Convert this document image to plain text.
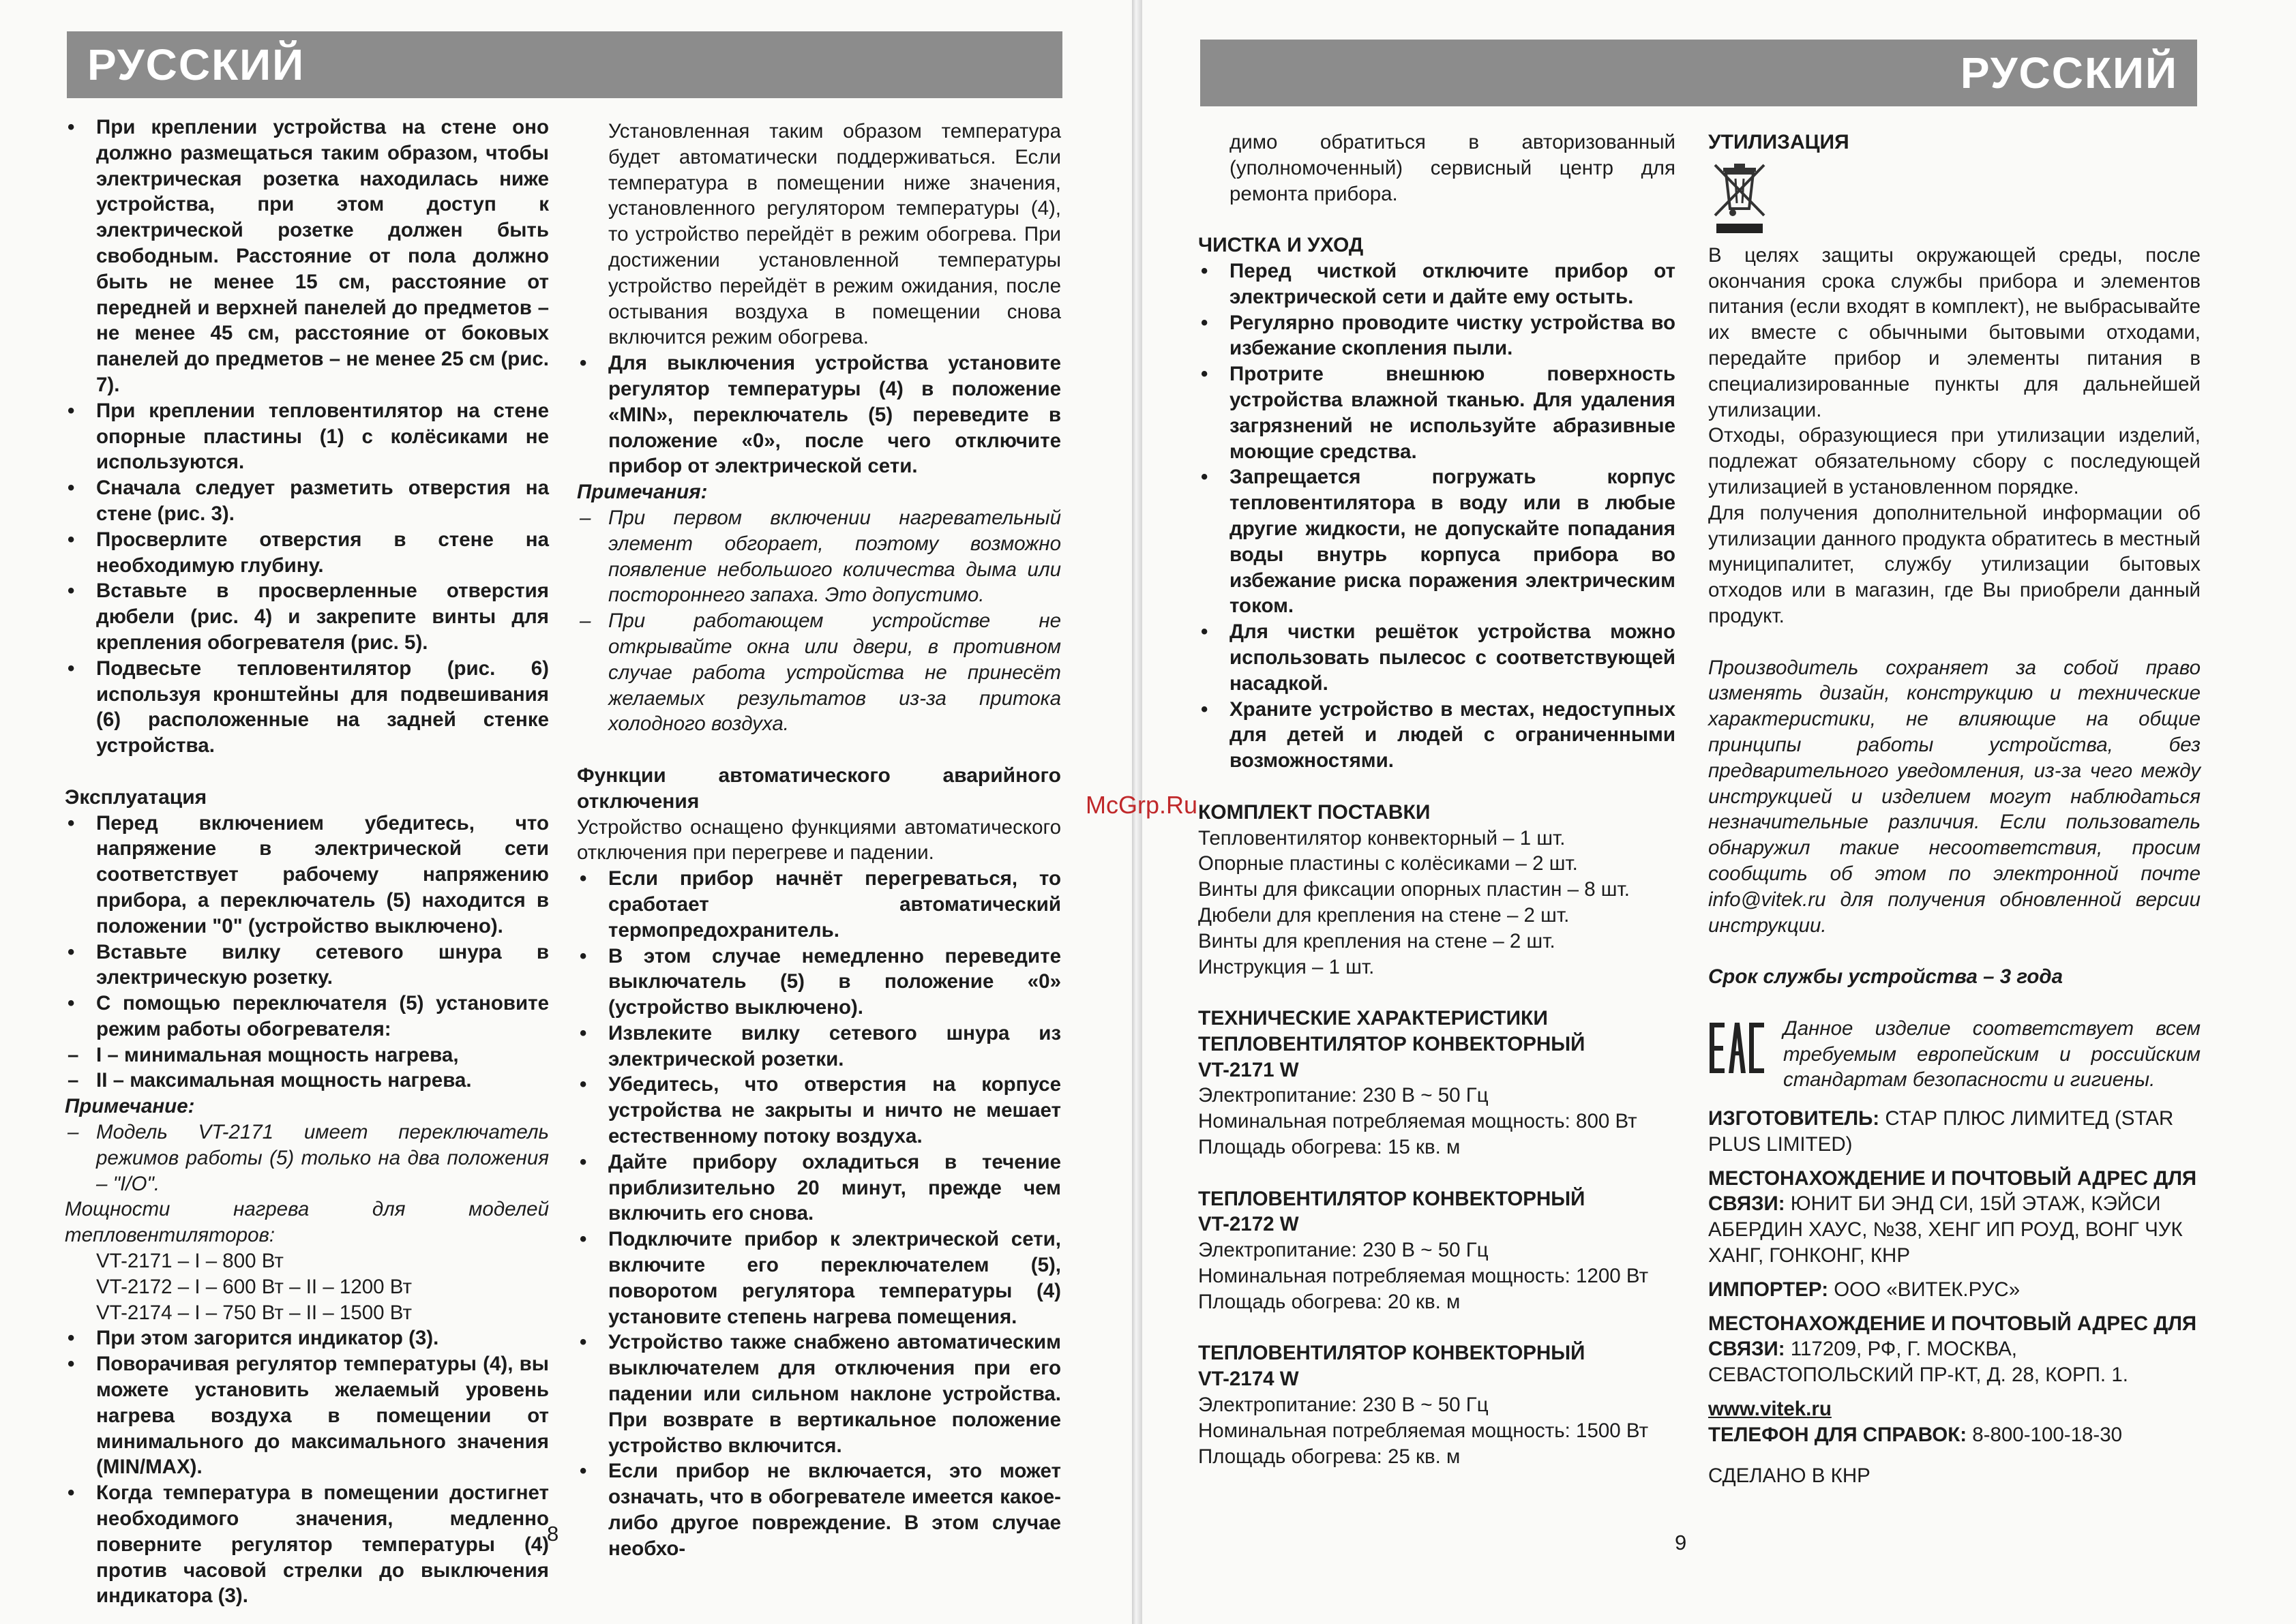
РУССКИЙ
• При креплении устройства на стене оно должно размещаться таким образом, чтобы электрическая розетка находилась ниже устройства, при этом доступ к электрической розетке должен быть свободным. Расстояние от пола должно быть не менее 15 см, расстояние от передней и верхней панелей до предметов – не менее 45 см, расстояние от боковых панелей до предметов – не менее 25 см (рис. 7).
• При креплении тепловентилятор на стене опорные пластины (1) с колёсиками не используются.
• Сначала следует разметить отверстия на стене (рис. 3).
• Просверлите отверстия в стене на необходимую глубину.
• Вставьте в просверленные отверстия дюбели (рис. 4) и закрепите винты для крепления обогревателя (рис. 5).
• Подвесьте тепловентилятор (рис. 6) используя кронштейны для подвешивания (6) расположенные на задней стенке устройства.
Эксплуатация
• Перед включением убедитесь, что напряжение в электрической сети соответствует рабочему напряжению прибора, а переключатель (5) находится в положении "0" (устройство выключено).
• Вставьте вилку сетевого шнура в электрическую розетку.
• С помощью переключателя (5) установите режим работы обогревателя:
– I – минимальная мощность нагрева,
– II – максимальная мощность нагрева.

Примечание:

– Модель VT-2171 имеет переключатель режимов работы (5) только на два положения – "I/O".

Мощности нагрева для моделей тепловентиляторов:

VT-2171 – I – 800 Вт
VT-2172 – I – 600 Вт – II – 1200 Вт
VT-2174 – I – 750 Вт – II – 1500 Вт
• При этом загорится индикатор (3).
• Поворачивая регулятор температуры (4), вы можете установить желаемый уровень нагрева воздуха в помещении от минимального до максимального значения (MIN/MAX).
• Когда температура в помещении достигнет необходимого значения, медленно поверните регулятор температуры (4) против часовой стрелки до выключения индикатора (3).

Установленная таким образом температура будет автоматически поддерживаться. Если температура в помещении ниже значения, установленного регулятором температуры (4), то устройство перейдёт в режим обогрева. При достижении установленной температуры устройство перейдёт в режим ожидания, после остывания воздуха в помещении снова включится режим обогрева.

• Для выключения устройства установите регулятор температуры (4) в положение «MIN», переключатель (5) переведите в положение «0», после чего отключите прибор от электрической сети.

Примечания:

– При первом включении нагревательный элемент обгорает, поэтому возможно появление небольшого количества дыма или постороннего запаха. Это допустимо.
– При работающем устройстве не открывайте окна или двери, в противном случае работа устройства не принесёт желаемых результатов из-за притока холодного воздуха.
Функции автоматического аварийного отключения

Устройство оснащено функциями автоматического отключения при перегреве и падении.

• Если прибор начнёт перегреваться, то сработает автоматический термопредохранитель.
• В этом случае немедленно переведите выключатель (5) в положение «0» (устройство выключено).
• Извлеките вилку сетевого шнура из электрической розетки.
• Убедитесь, что отверстия на корпусе устройства не закрыты и ничто не мешает естественному потоку воздуха.
• Дайте прибору охладиться в течение приблизительно 20 минут, прежде чем включить его снова.
• Подключите прибор к электрической сети, включите его переключателем (5), поворотом регулятора температуры (4) установите степень нагрева помещения.
• Устройство также снабжено автоматическим выключателем для отключения при его падении или сильном наклоне устройства. При возврате в вертикальное положение устройство включится.
• Если прибор не включается, это может означать, что в обогревателе имеется какое-либо другое повреждение. В этом случае необхо-
8
РУССКИЙ

димо обратиться в авторизованный (уполномоченный) сервисный центр для ремонта прибора.

ЧИСТКА И УХОД
• Перед чисткой отключите прибор от электрической сети и дайте ему остыть.
• Регулярно проводите чистку устройства во избежание скопления пыли.
• Протрите внешнюю поверхность устройства влажной тканью. Для удаления загрязнений не используйте абразивные моющие средства.
• Запрещается погружать корпус тепловентилятора в воду или в любые другие жидкости, не допускайте попадания воды внутрь корпуса прибора во избежание риска поражения электрическим током.
• Для чистки решёток устройства можно использовать пылесос с соответствующей насадкой.
• Храните устройство в местах, недоступных для детей и людей с ограниченными возможностями.
КОМПЛЕКТ ПОСТАВКИ
Тепловентилятор конвекторный – 1 шт.
Опорные пластины с колёсиками – 2 шт.
Винты для фиксации опорных пластин – 8 шт.
Дюбели для крепления на стене – 2 шт.
Винты для крепления на стене – 2 шт.
Инструкция – 1 шт.
ТЕХНИЧЕСКИЕ ХАРАКТЕРИСТИКИ
ТЕПЛОВЕНТИЛЯТОР КОНВЕКТОРНЫЙ
VT-2171 W
Электропитание: 230 В ~ 50 Гц
Номинальная потребляемая мощность: 800 Вт
Площадь обогрева: 15 кв. м
ТЕПЛОВЕНТИЛЯТОР КОНВЕКТОРНЫЙ
VT-2172 W
Электропитание: 230 В ~ 50 Гц
Номинальная потребляемая мощность: 1200 Вт
Площадь обогрева: 20 кв. м
ТЕПЛОВЕНТИЛЯТОР КОНВЕКТОРНЫЙ
VT-2174 W
Электропитание: 230 В ~ 50 Гц
Номинальная потребляемая мощность: 1500 Вт
Площадь обогрева: 25 кв. м
УТИЛИЗАЦИЯ

В целях защиты окружающей среды, после окончания срока службы прибора и элементов питания (если входят в комплект), не выбрасывайте их вместе с обычными бытовыми отходами, передайте прибор и элементы питания в специализированные пункты для дальнейшей утилизации.

Отходы, образующиеся при утилизации изделий, подлежат обязательному сбору с последующей утилизацией в установленном порядке.

Для получения дополнительной информации об утилизации данного продукта обратитесь в местный муниципалитет, службу утилизации бытовых отходов или в магазин, где Вы приобрели данный продукт.

Производитель сохраняет за собой право изменять дизайн, конструкцию и технические характеристики, не влияющие на общие принципы работы устройства, без предварительного уведомления, из-за чего между инструкцией и изделием могут наблюдаться незначительные различия. Если пользователь обнаружил такие несоответствия, просим сообщить об этом по электронной почте info@vitek.ru для получения обновленной версии инструкции.

Срок службы устройства – 3 года

Данное изделие соответствует всем требуемым европейским и российским стандартам безопасности и гигиены.

ИЗГОТОВИТЕЛЬ: СТАР ПЛЮС ЛИМИТЕД (STAR PLUS LIMITED)
МЕСТОНАХОЖДЕНИЕ И ПОЧТОВЫЙ АДРЕС ДЛЯ СВЯЗИ: ЮНИТ БИ ЭНД СИ, 15Й ЭТАЖ, КЭЙСИ АБЕРДИН ХАУС, №38, ХЕНГ ИП РОУД, ВОНГ ЧУК ХАНГ, ГОНКОНГ, КНР
ИМПОРТЕР: ООО «ВИТЕК.РУС»
МЕСТОНАХОЖДЕНИЕ И ПОЧТОВЫЙ АДРЕС ДЛЯ СВЯЗИ: 117209, РФ, Г. МОСКВА, СЕВАСТОПОЛЬСКИЙ ПР-КТ, Д. 28, КОРП. 1.
www.vitek.ru
ТЕЛЕФОН ДЛЯ СПРАВОК: 8-800-100-18-30
СДЕЛАНО В КНР
9
McGrp.Ru
